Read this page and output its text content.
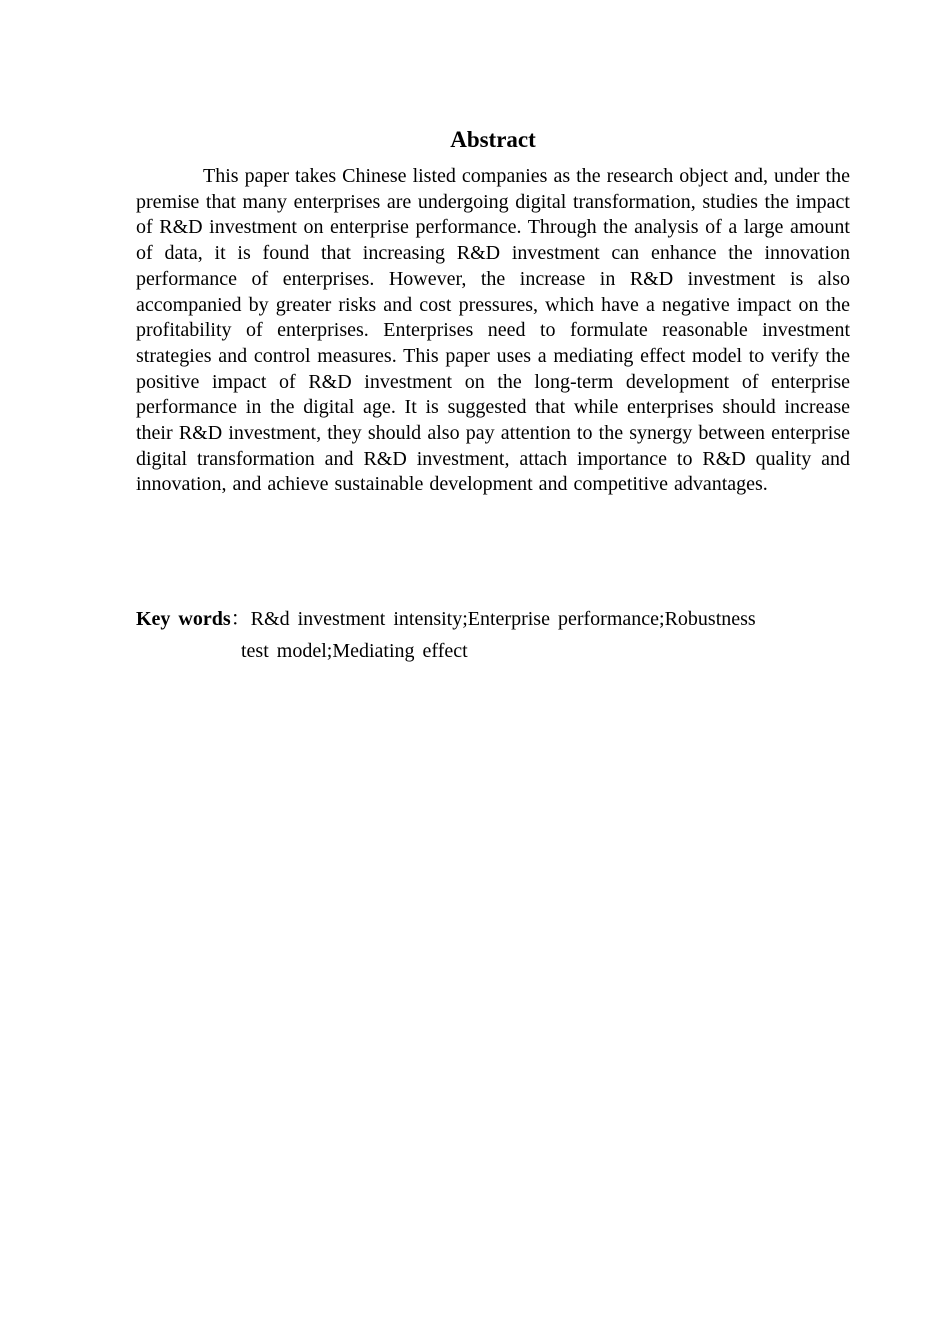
Abstract

This paper takes Chinese listed companies as the research object and, under the premise that many enterprises are undergoing digital transformation, studies the impact of R&D investment on enterprise performance. Through the analysis of a large amount of data, it is found that increasing R&D investment can enhance the innovation performance of enterprises. However, the increase in R&D investment is also accompanied by greater risks and cost pressures, which have a negative impact on the profitability of enterprises. Enterprises need to formulate reasonable investment strategies and control measures. This paper uses a mediating effect model to verify the positive impact of R&D investment on the long-term development of enterprise performance in the digital age. It is suggested that while enterprises should increase their R&D investment, they should also pay attention to the synergy between enterprise digital transformation and R&D investment, attach importance to R&D quality and innovation, and achieve sustainable development and competitive advantages.

Key words：R&d investment intensity;Enterprise performance;Robustness
test model;Mediating effect
